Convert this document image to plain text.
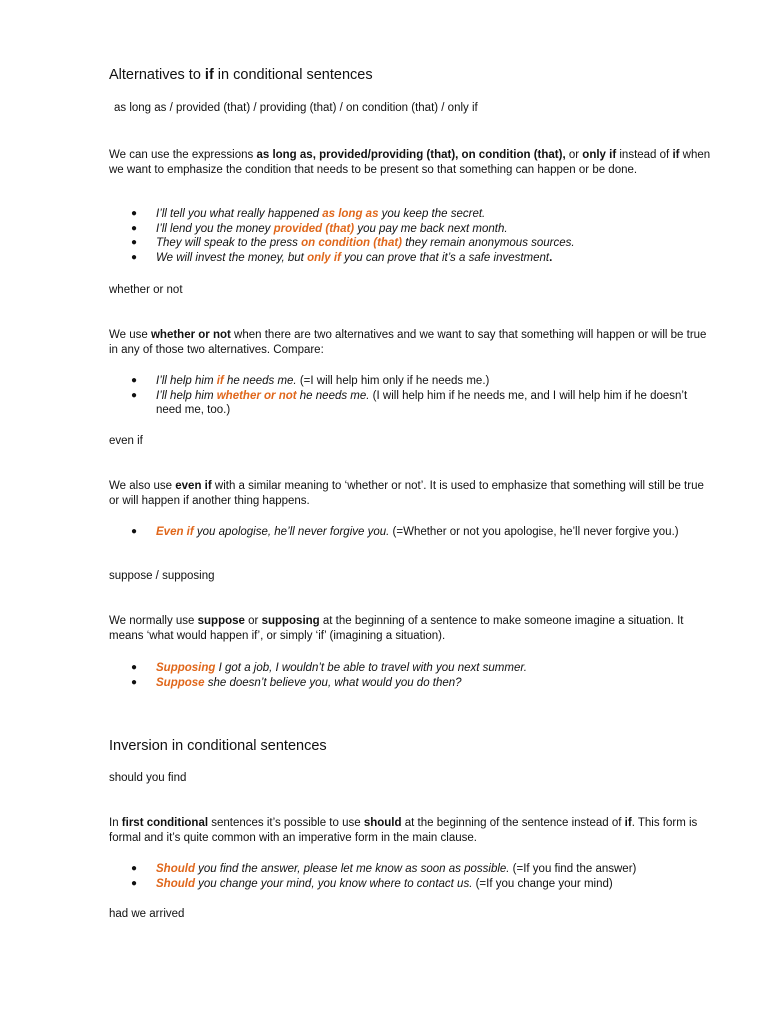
Alternatives to if in conditional sentences
as long as / provided (that) / providing (that) / on condition (that) / only if
We can use the expressions as long as, provided/providing (that), on condition (that), or only if instead of if when we want to emphasize the condition that needs to be present so that something can happen or be done.
● I’ll tell you what really happened as long as you keep the secret.
● I’ll lend you the money provided (that) you pay me back next month.
● They will speak to the press on condition (that) they remain anonymous sources.
● We will invest the money, but only if you can prove that it’s a safe investment.
whether or not
We use whether or not when there are two alternatives and we want to say that something will happen or will be true in any of those two alternatives. Compare:
● I’ll help him if he needs me. (=I will help him only if he needs me.)
● I’ll help him whether or not he needs me. (I will help him if he needs me, and I will help him if he doesn’t need me, too.)
even if
We also use even if with a similar meaning to ‘whether or not’. It is used to emphasize that something will still be true or will happen if another thing happens.
● Even if you apologise, he’ll never forgive you. (=Whether or not you apologise, he’ll never forgive you.)
suppose / supposing
We normally use suppose or supposing at the beginning of a sentence to make someone imagine a situation. It means ‘what would happen if’, or simply ‘if’ (imagining a situation).
● Supposing I got a job, I wouldn’t be able to travel with you next summer.
● Suppose she doesn’t believe you, what would you do then?
Inversion in conditional sentences
should you find
In first conditional sentences it’s possible to use should at the beginning of the sentence instead of if. This form is formal and it’s quite common with an imperative form in the main clause.
● Should you find the answer, please let me know as soon as possible. (=If you find the answer)
● Should you change your mind, you know where to contact us. (=If you change your mind)
had we arrived
